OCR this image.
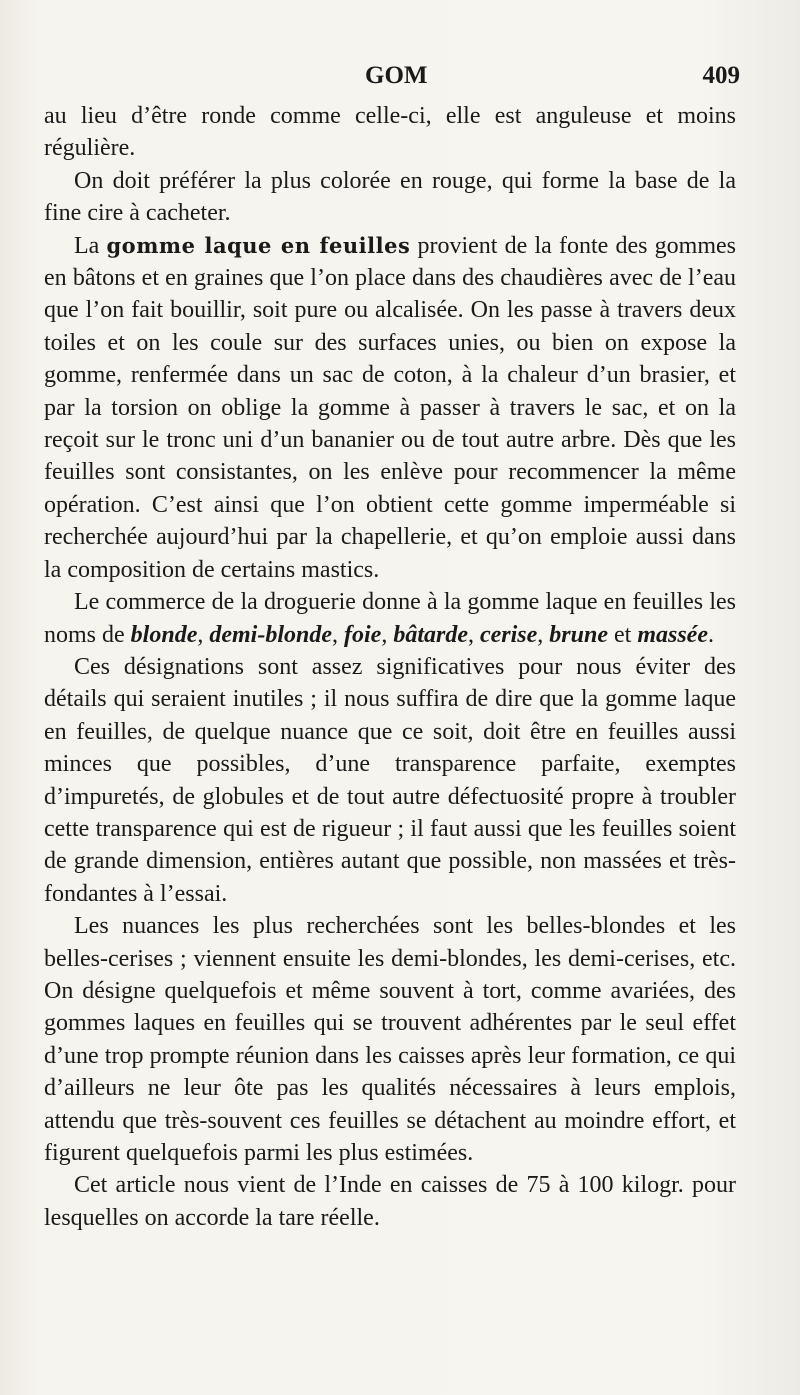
GOM	409

au lieu d’être ronde comme celle-ci, elle est anguleuse et moins régulière.

On doit préférer la plus colorée en rouge, qui forme la base de la fine cire à cacheter.

La gomme laque en feuilles provient de la fonte des gommes en bâtons et en graines que l’on place dans des chaudières avec de l’eau que l’on fait bouillir, soit pure ou alcalisée. On les passe à travers deux toiles et on les coule sur des surfaces unies, ou bien on expose la gomme, renfermée dans un sac de coton, à la chaleur d’un brasier, et par la torsion on oblige la gomme à passer à travers le sac, et on la reçoit sur le tronc uni d’un bananier ou de tout autre arbre. Dès que les feuilles sont consistantes, on les enlève pour recommencer la même opération. C’est ainsi que l’on obtient cette gomme imperméable si recherchée aujourd’hui par la chapellerie, et qu’on emploie aussi dans la composition de certains mastics.

Le commerce de la droguerie donne à la gomme laque en feuilles les noms de blonde, demi-blonde, foie, bâtarde, cerise, brune et massée.

Ces désignations sont assez significatives pour nous éviter des détails qui seraient inutiles ; il nous suffira de dire que la gomme laque en feuilles, de quelque nuance que ce soit, doit être en feuilles aussi minces que possibles, d’une transparence parfaite, exemptes d’impuretés, de globules et de tout autre défectuosité propre à troubler cette transparence qui est de rigueur ; il faut aussi que les feuilles soient de grande dimension, entières autant que possible, non massées et très-fondantes à l’essai.

Les nuances les plus recherchées sont les belles-blondes et les belles-cerises ; viennent ensuite les demi-blondes, les demi-cerises, etc. On désigne quelquefois et même souvent à tort, comme avariées, des gommes laques en feuilles qui se trouvent adhérentes par le seul effet d’une trop prompte réunion dans les caisses après leur formation, ce qui d’ailleurs ne leur ôte pas les qualités nécessaires à leurs emplois, attendu que très-souvent ces feuilles se détachent au moindre effort, et figurent quelquefois parmi les plus estimées.

Cet article nous vient de l’Inde en caisses de 75 à 100 kilogr. pour lesquelles on accorde la tare réelle.
